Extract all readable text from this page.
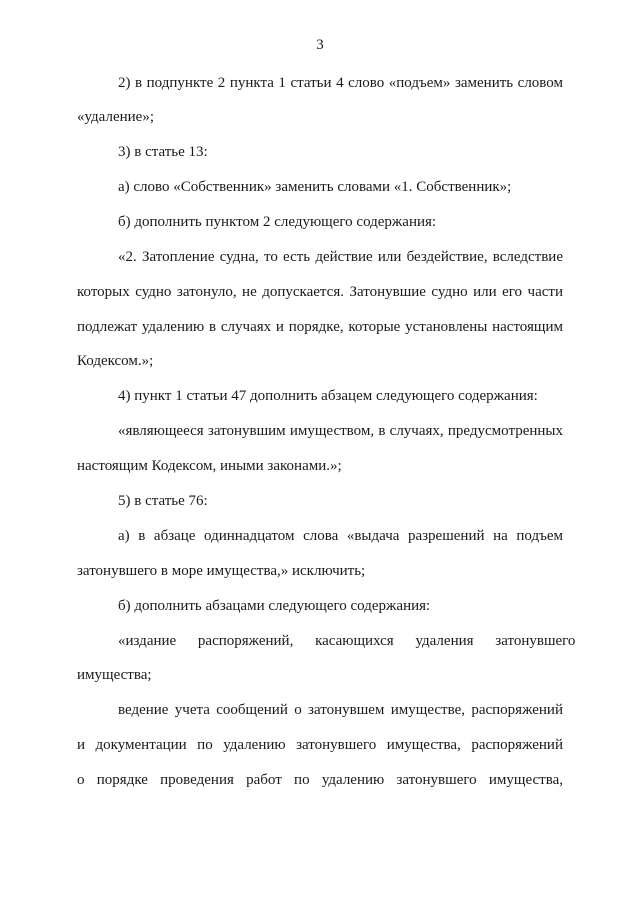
3
2) в подпункте 2 пункта 1 статьи 4 слово «подъем» заменить словом
«удаление»;
3) в статье 13:
а) слово «Собственник» заменить словами «1. Собственник»;
б) дополнить пунктом 2 следующего содержания:
«2. Затопление судна, то есть действие или бездействие, вследствие
которых судно затонуло, не допускается. Затонувшие судно или его части
подлежат удалению в случаях и порядке, которые установлены настоящим
Кодексом.»;
4) пункт 1 статьи 47 дополнить абзацем следующего содержания:
«являющееся затонувшим имуществом, в случаях, предусмотренных
настоящим Кодексом, иными законами.»;
5) в статье 76:
а) в абзаце одиннадцатом слова «выдача разрешений на подъем
затонувшего в море имущества,» исключить;
б) дополнить абзацами следующего содержания:
«издание распоряжений, касающихся удаления затонувшего
имущества;
ведение учета сообщений о затонувшем имуществе, распоряжений
и документации по удалению затонувшего имущества, распоряжений
о порядке проведения работ по удалению затонувшего имущества,
